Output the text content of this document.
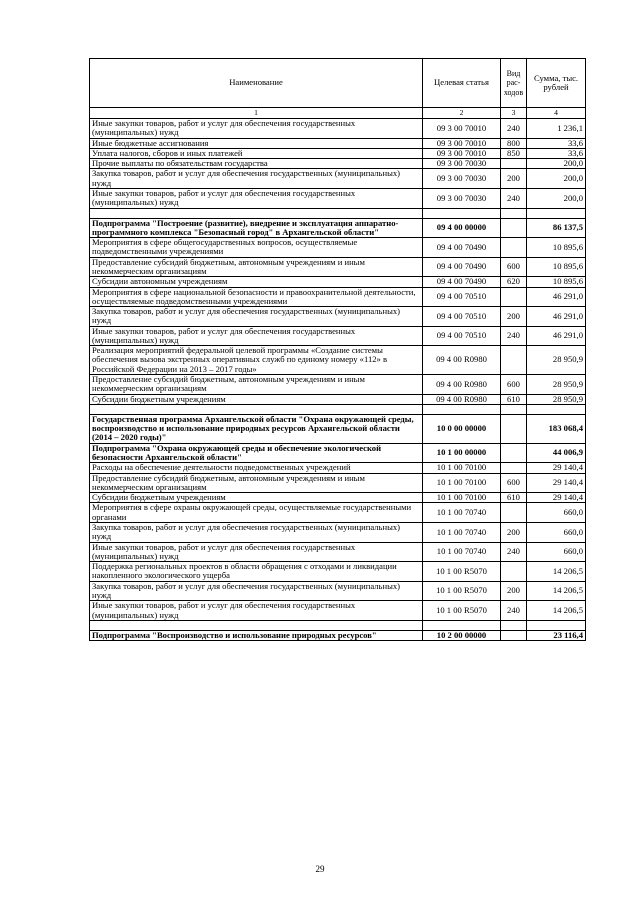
Наименование	Целевая статья	Вид рас-ходов	Сумма, тыс. рублей
1	2	3	4
Иные закупки товаров, работ и услуг для обеспечения государственных (муниципальных) нужд	09 3 00 70010	240	1 236,1
Иные бюджетные ассигнования	09 3 00 70010	800	33,6
Уплата налогов, сборов и иных платежей	09 3 00 70010	850	33,6
Прочие выплаты по обязательствам государства	09 3 00 70030		200,0
Закупка товаров, работ и услуг для обеспечения государственных (муниципальных) нужд	09 3 00 70030	200	200,0
Иные закупки товаров, работ и услуг для обеспечения государственных (муниципальных) нужд	09 3 00 70030	240	200,0

Подпрограмма "Построение (развитие), внедрение и эксплуатация аппаратно-программного комплекса "Безопасный город" в Архангельской области"	09 4 00 00000		86 137,5
Мероприятия в сфере общегосударственных вопросов, осуществляемые подведомственными учреждениями	09 4 00 70490		10 895,6
Предоставление субсидий бюджетным, автономным учреждениям и иным некоммерческим организациям	09 4 00 70490	600	10 895,6
Субсидии автономным учреждениям	09 4 00 70490	620	10 895,6
Мероприятия в сфере национальной безопасности и правоохранительной деятельности, осуществляемые подведомственными учреждениями	09 4 00 70510		46 291,0
Закупка товаров, работ и услуг для обеспечения государственных (муниципальных) нужд	09 4 00 70510	200	46 291,0
Иные закупки товаров, работ и услуг для обеспечения государственных (муниципальных) нужд	09 4 00 70510	240	46 291,0
Реализация мероприятий федеральной целевой программы «Создание системы обеспечения вызова экстренных оперативных служб по единому номеру «112» в Российской Федерации на 2013 – 2017 годы»	09 4 00 R0980		28 950,9
Предоставление субсидий бюджетным, автономным учреждениям и иным некоммерческим организациям	09 4 00 R0980	600	28 950,9
Субсидии бюджетным учреждениям	09 4 00 R0980	610	28 950,9

Государственная программа Архангельской области "Охрана окружающей среды, воспроизводство и использование природных ресурсов Архангельской области (2014 – 2020 годы)"	10 0 00 00000		183 068,4
Подпрограмма "Охрана окружающей среды и обеспечение экологической безопасности Архангельской области"	10 1 00 00000		44 006,9
Расходы на обеспечение деятельности подведомственных учреждений	10 1 00 70100		29 140,4
Предоставление субсидий бюджетным, автономным учреждениям и иным некоммерческим организациям	10 1 00 70100	600	29 140,4
Субсидии бюджетным учреждениям	10 1 00 70100	610	29 140,4
Мероприятия в сфере охраны окружающей среды, осуществляемые государственными органами	10 1 00 70740		660,0
Закупка товаров, работ и услуг для обеспечения государственных (муниципальных) нужд	10 1 00 70740	200	660,0
Иные закупки товаров, работ и услуг для обеспечения государственных (муниципальных) нужд	10 1 00 70740	240	660,0
Поддержка региональных проектов в области обращения с отходами и ликвидации накопленного экологического ущерба	10 1 00 R5070		14 206,5
Закупка товаров, работ и услуг для обеспечения государственных (муниципальных) нужд	10 1 00 R5070	200	14 206,5
Иные закупки товаров, работ и услуг для обеспечения государственных (муниципальных) нужд	10 1 00 R5070	240	14 206,5

Подпрограмма "Воспроизводство и использование природных ресурсов"	10 2 00 00000		23 116,4
29
